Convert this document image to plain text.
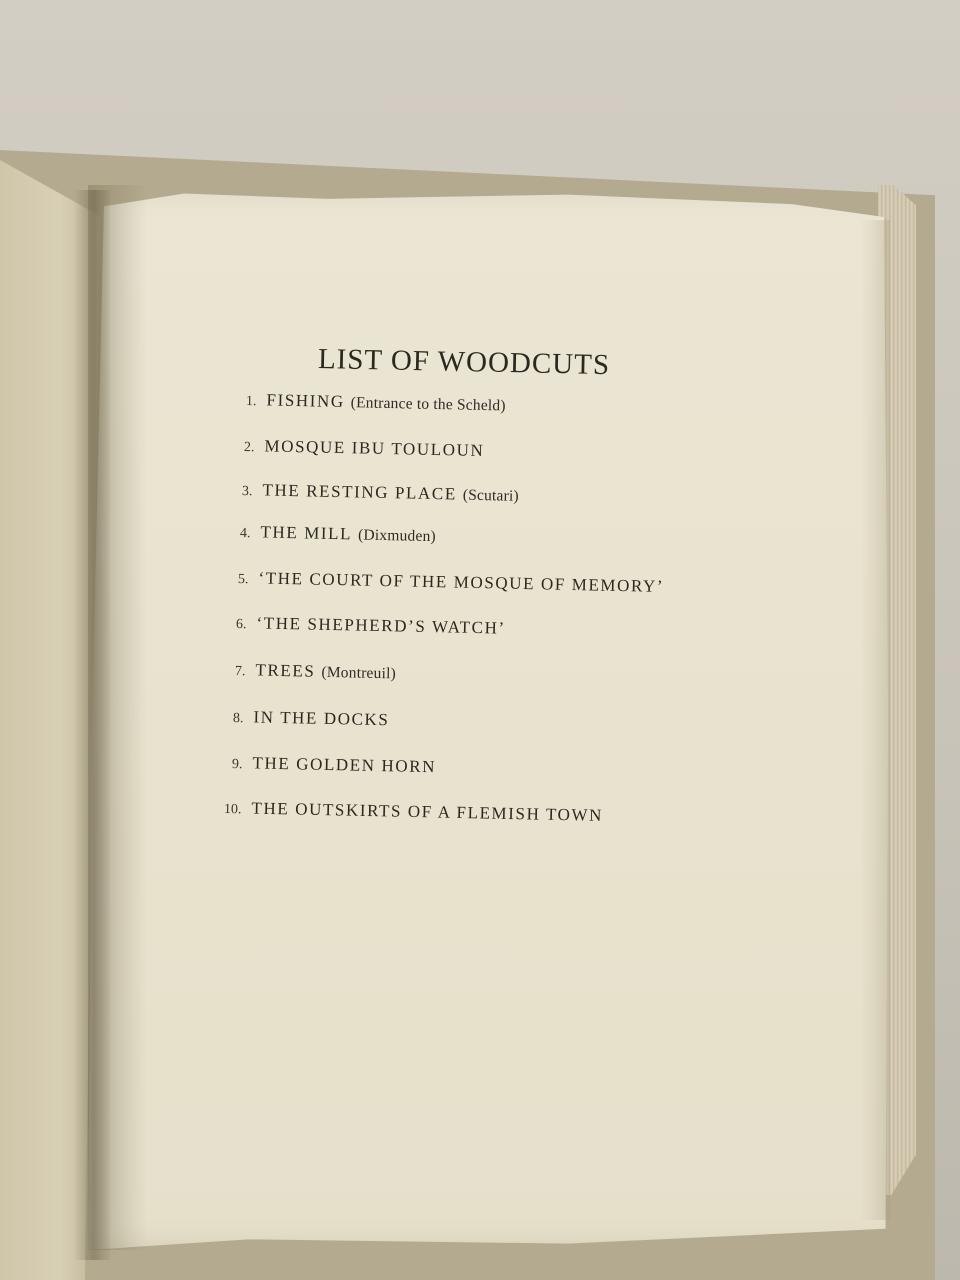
LIST OF WOODCUTS
1. FISHING (Entrance to the Scheld)
2. MOSQUE IBU TOULOUN
3. THE RESTING PLACE (Scutari)
4. THE MILL (Dixmuden)
5. ‘THE COURT OF THE MOSQUE OF MEMORY’
6. ‘THE SHEPHERD’S WATCH’
7. TREES (Montreuil)
8. IN THE DOCKS
9. THE GOLDEN HORN
10. THE OUTSKIRTS OF A FLEMISH TOWN
